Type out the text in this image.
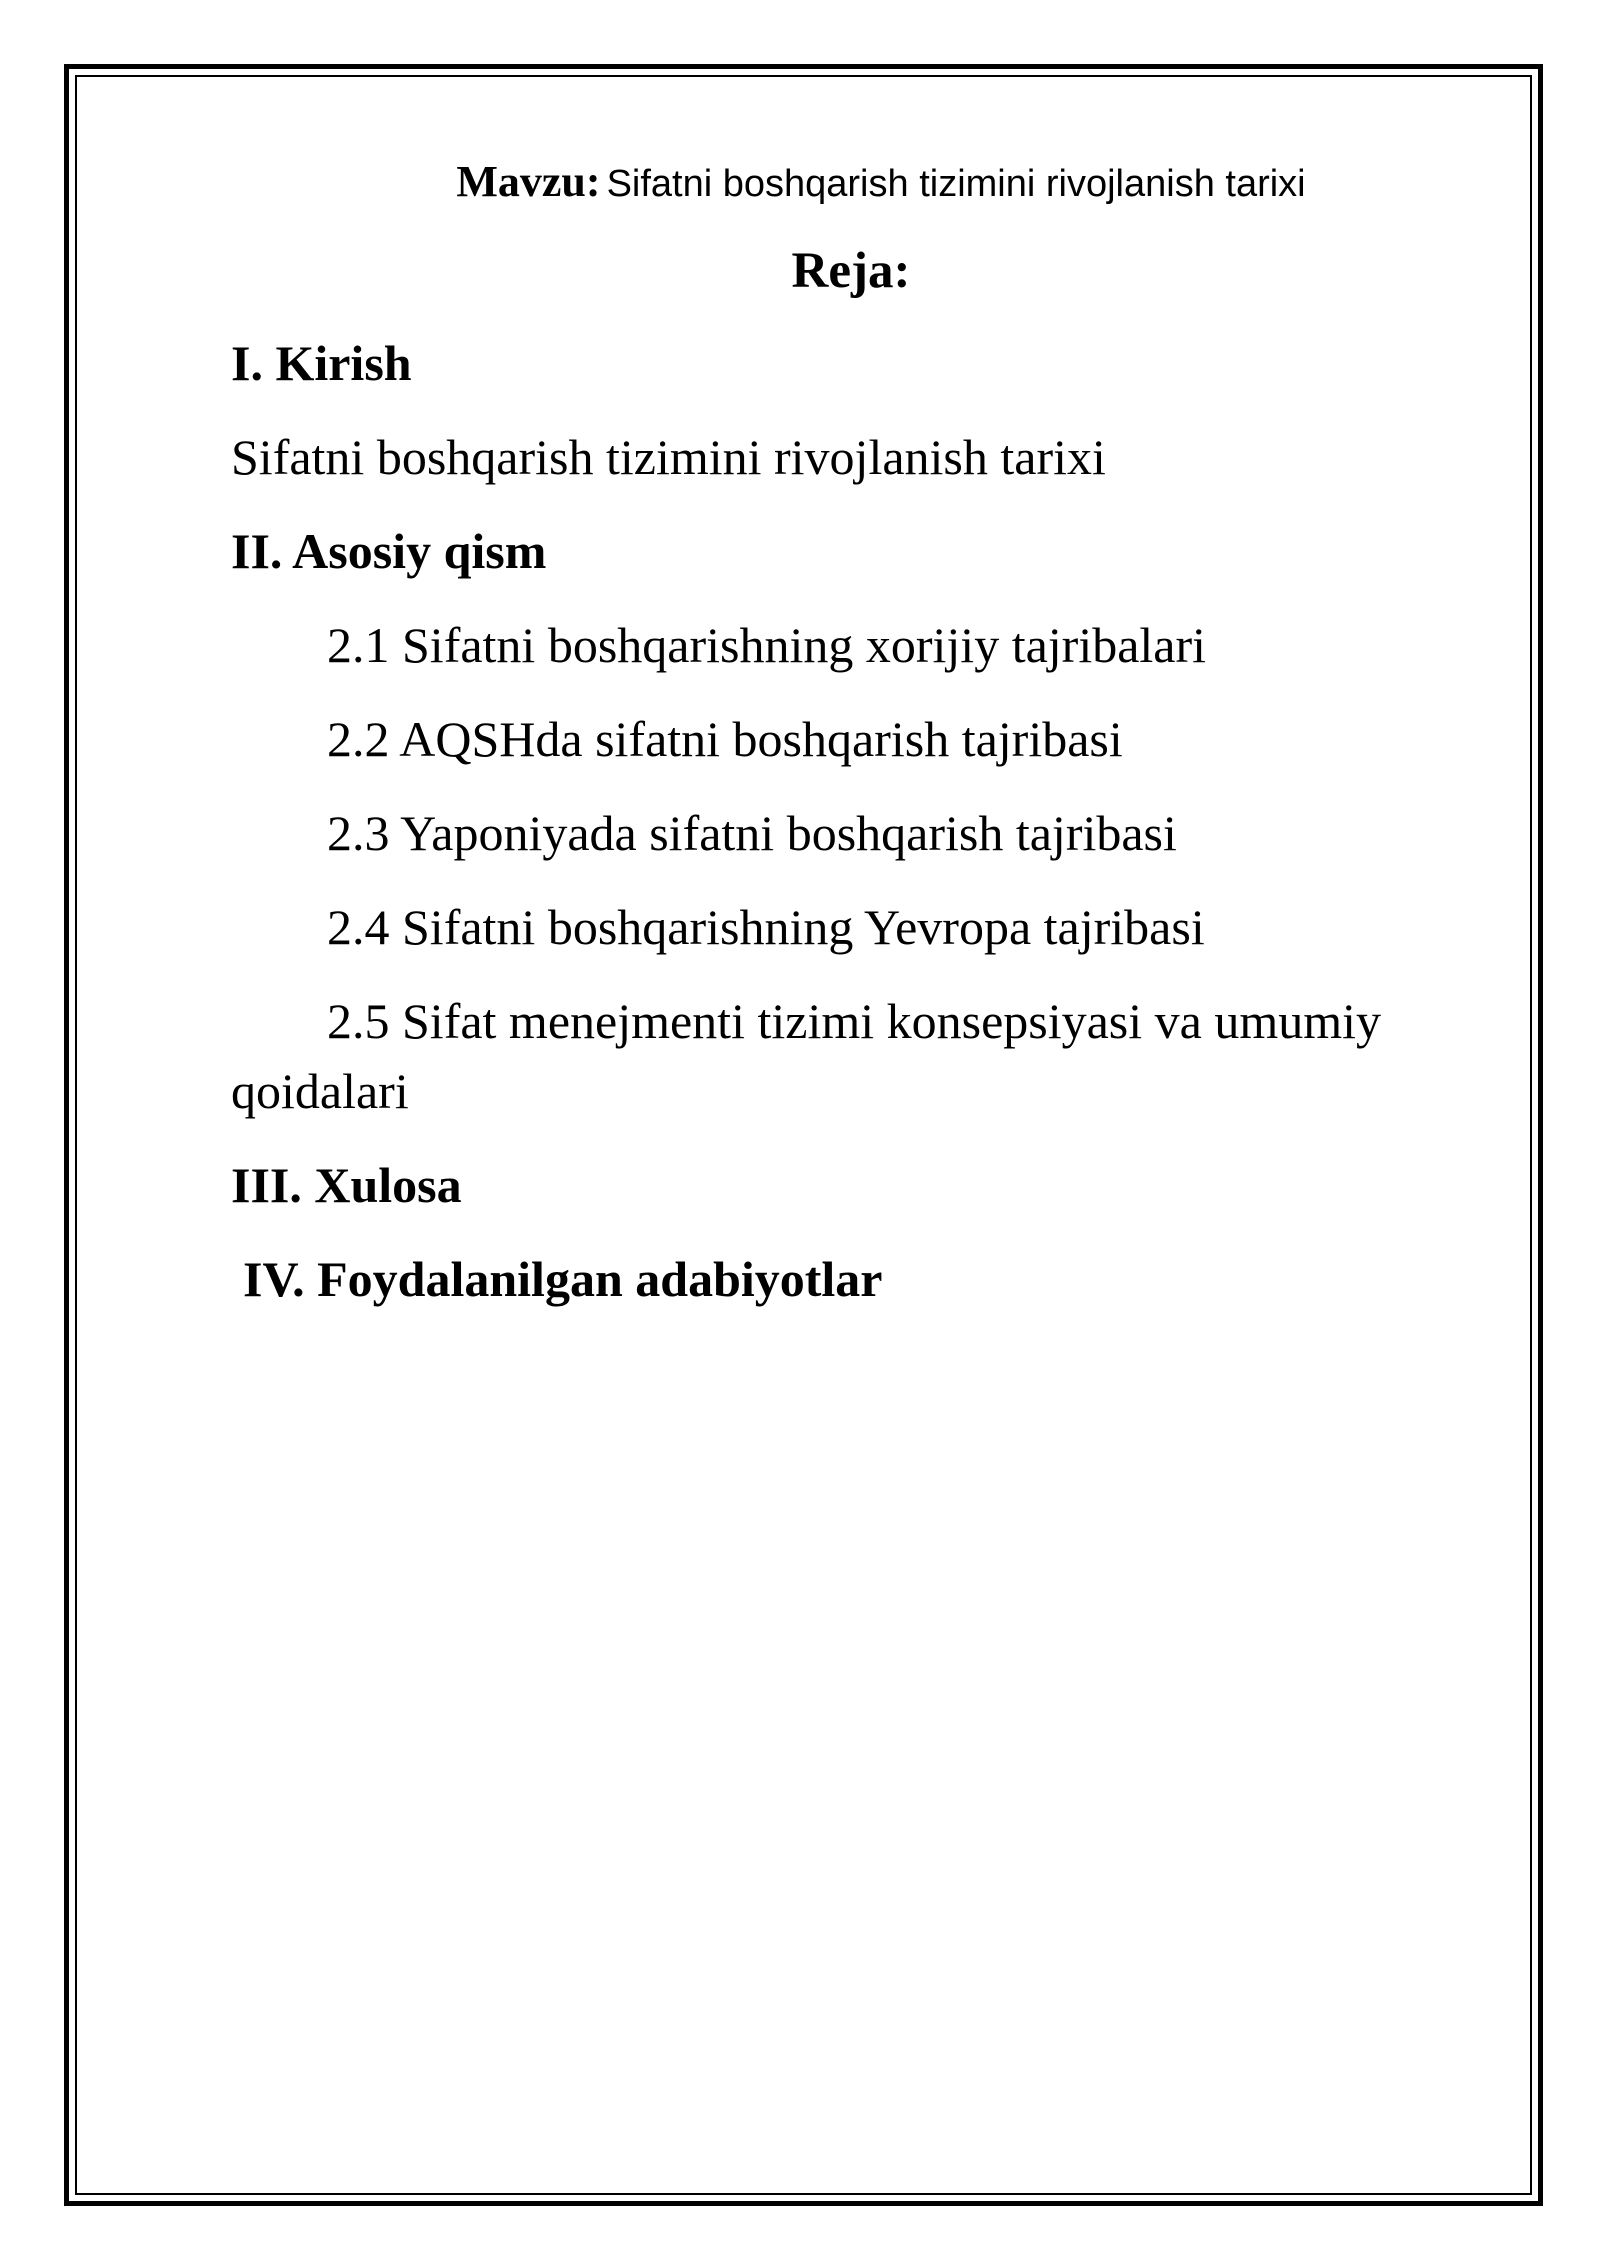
Mavzu: Sifatni boshqarish tizimini rivojlanish tarixi
Reja:
I. Kirish
Sifatni boshqarish tizimini rivojlanish tarixi
II. Asosiy qism
2.1 Sifatni boshqarishning xorijiy tajribalari
2.2 AQSHda sifatni boshqarish tajribasi
2.3 Yaponiyada sifatni boshqarish tajribasi
2.4 Sifatni boshqarishning Yevropa tajribasi
2.5 Sifat menejmenti tizimi konsepsiyasi va umumiy qoidalari
III. Xulosa
IV. Foydalanilgan adabiyotlar
